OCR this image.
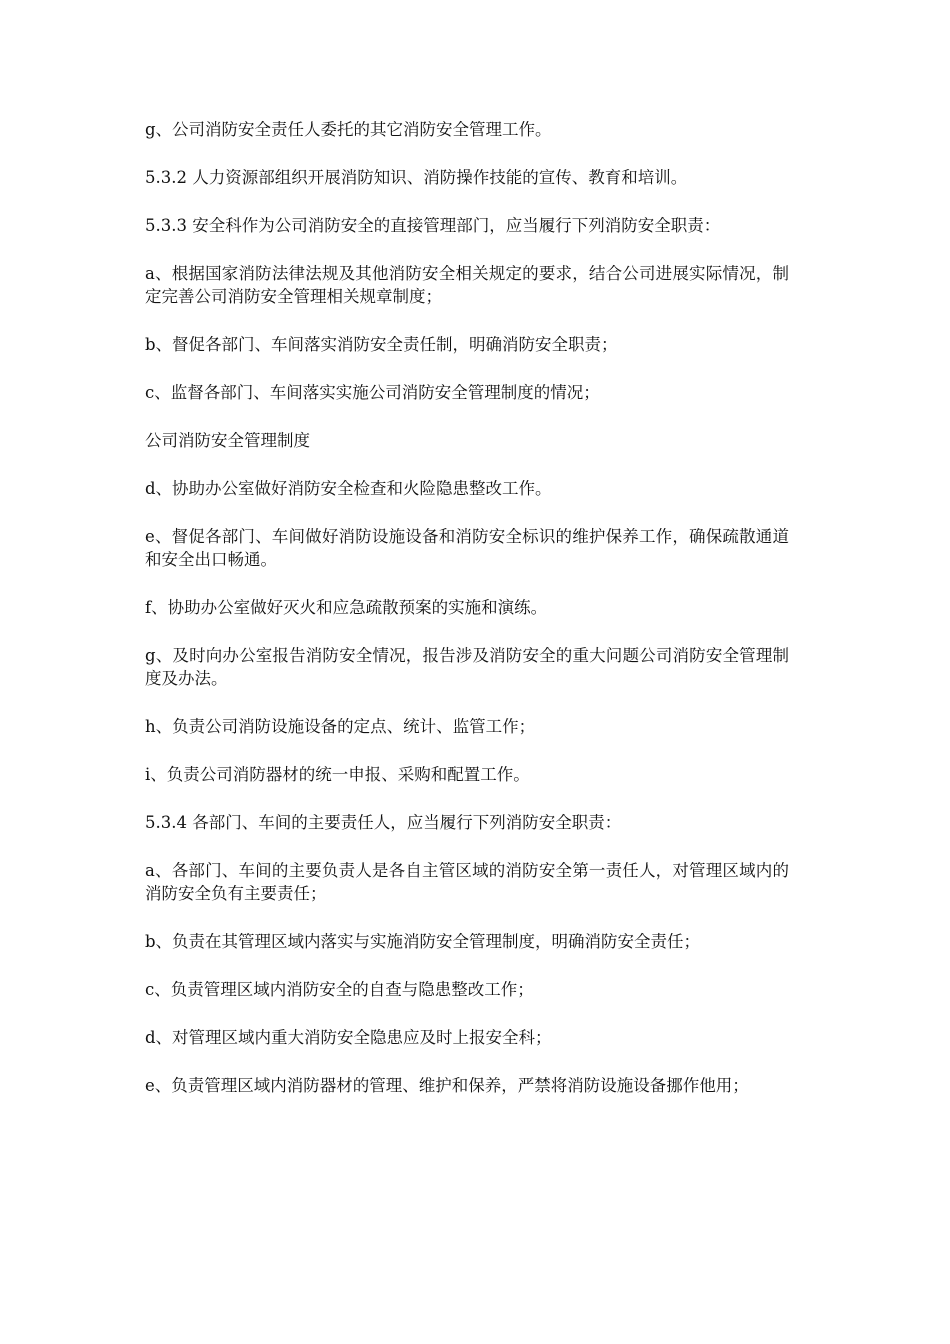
g、公司消防安全责任人委托的其它消防安全管理工作。

5.3.2 人力资源部组织开展消防知识、消防操作技能的宣传、教育和培训。

5.3.3 安全科作为公司消防安全的直接管理部门，应当履行下列消防安全职责：

a、根据国家消防法律法规及其他消防安全相关规定的要求，结合公司进展实际情况，制定完善公司消防安全管理相关规章制度；

b、督促各部门、车间落实消防安全责任制，明确消防安全职责；

c、监督各部门、车间落实实施公司消防安全管理制度的情况；

公司消防安全管理制度

d、协助办公室做好消防安全检查和火险隐患整改工作。

e、督促各部门、车间做好消防设施设备和消防安全标识的维护保养工作，确保疏散通道和安全出口畅通。

f、协助办公室做好灭火和应急疏散预案的实施和演练。

g、及时向办公室报告消防安全情况，报告涉及消防安全的重大问题公司消防安全管理制度及办法。

h、负责公司消防设施设备的定点、统计、监管工作；

i、负责公司消防器材的统一申报、采购和配置工作。

5.3.4 各部门、车间的主要责任人，应当履行下列消防安全职责：

a、各部门、车间的主要负责人是各自主管区域的消防安全第一责任人，对管理区域内的消防安全负有主要责任；

b、负责在其管理区域内落实与实施消防安全管理制度，明确消防安全责任；

c、负责管理区域内消防安全的自查与隐患整改工作；

d、对管理区域内重大消防安全隐患应及时上报安全科；

e、负责管理区域内消防器材的管理、维护和保养，严禁将消防设施设备挪作他用；
